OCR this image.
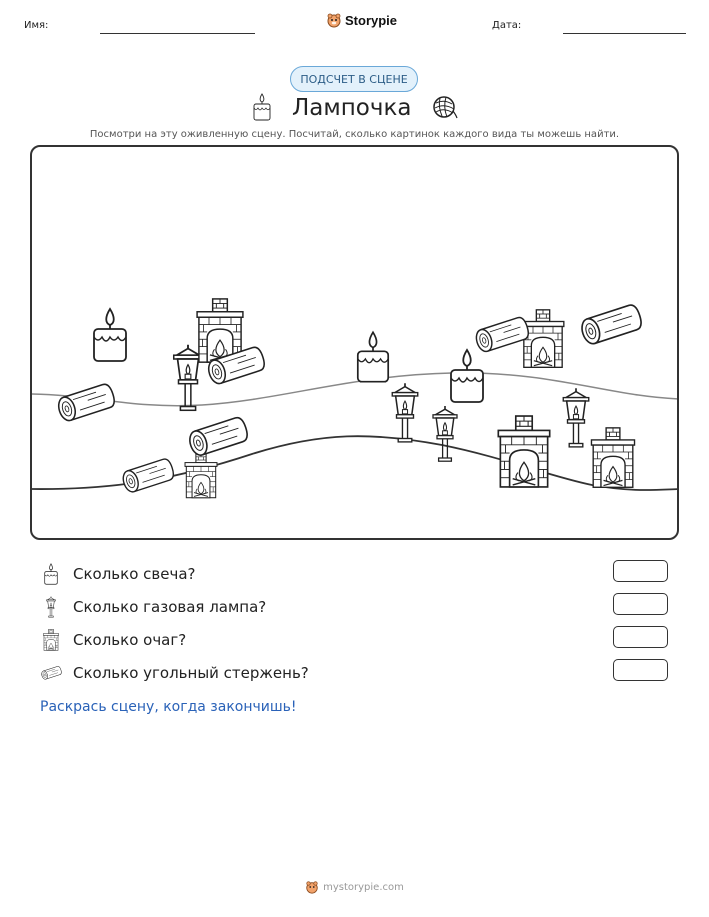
Имя:	Storypie	Дата:
ПОДСЧЕТ В СЦЕНЕ
Лампочка
Посмотри на эту оживленную сцену. Посчитай, сколько картинок каждого вида ты можешь найти.
Сколько свеча?
Сколько газовая лампа?
Сколько очаг?
Сколько угольный стержень?
Раскрась сцену, когда закончишь!
mystorypie.com
